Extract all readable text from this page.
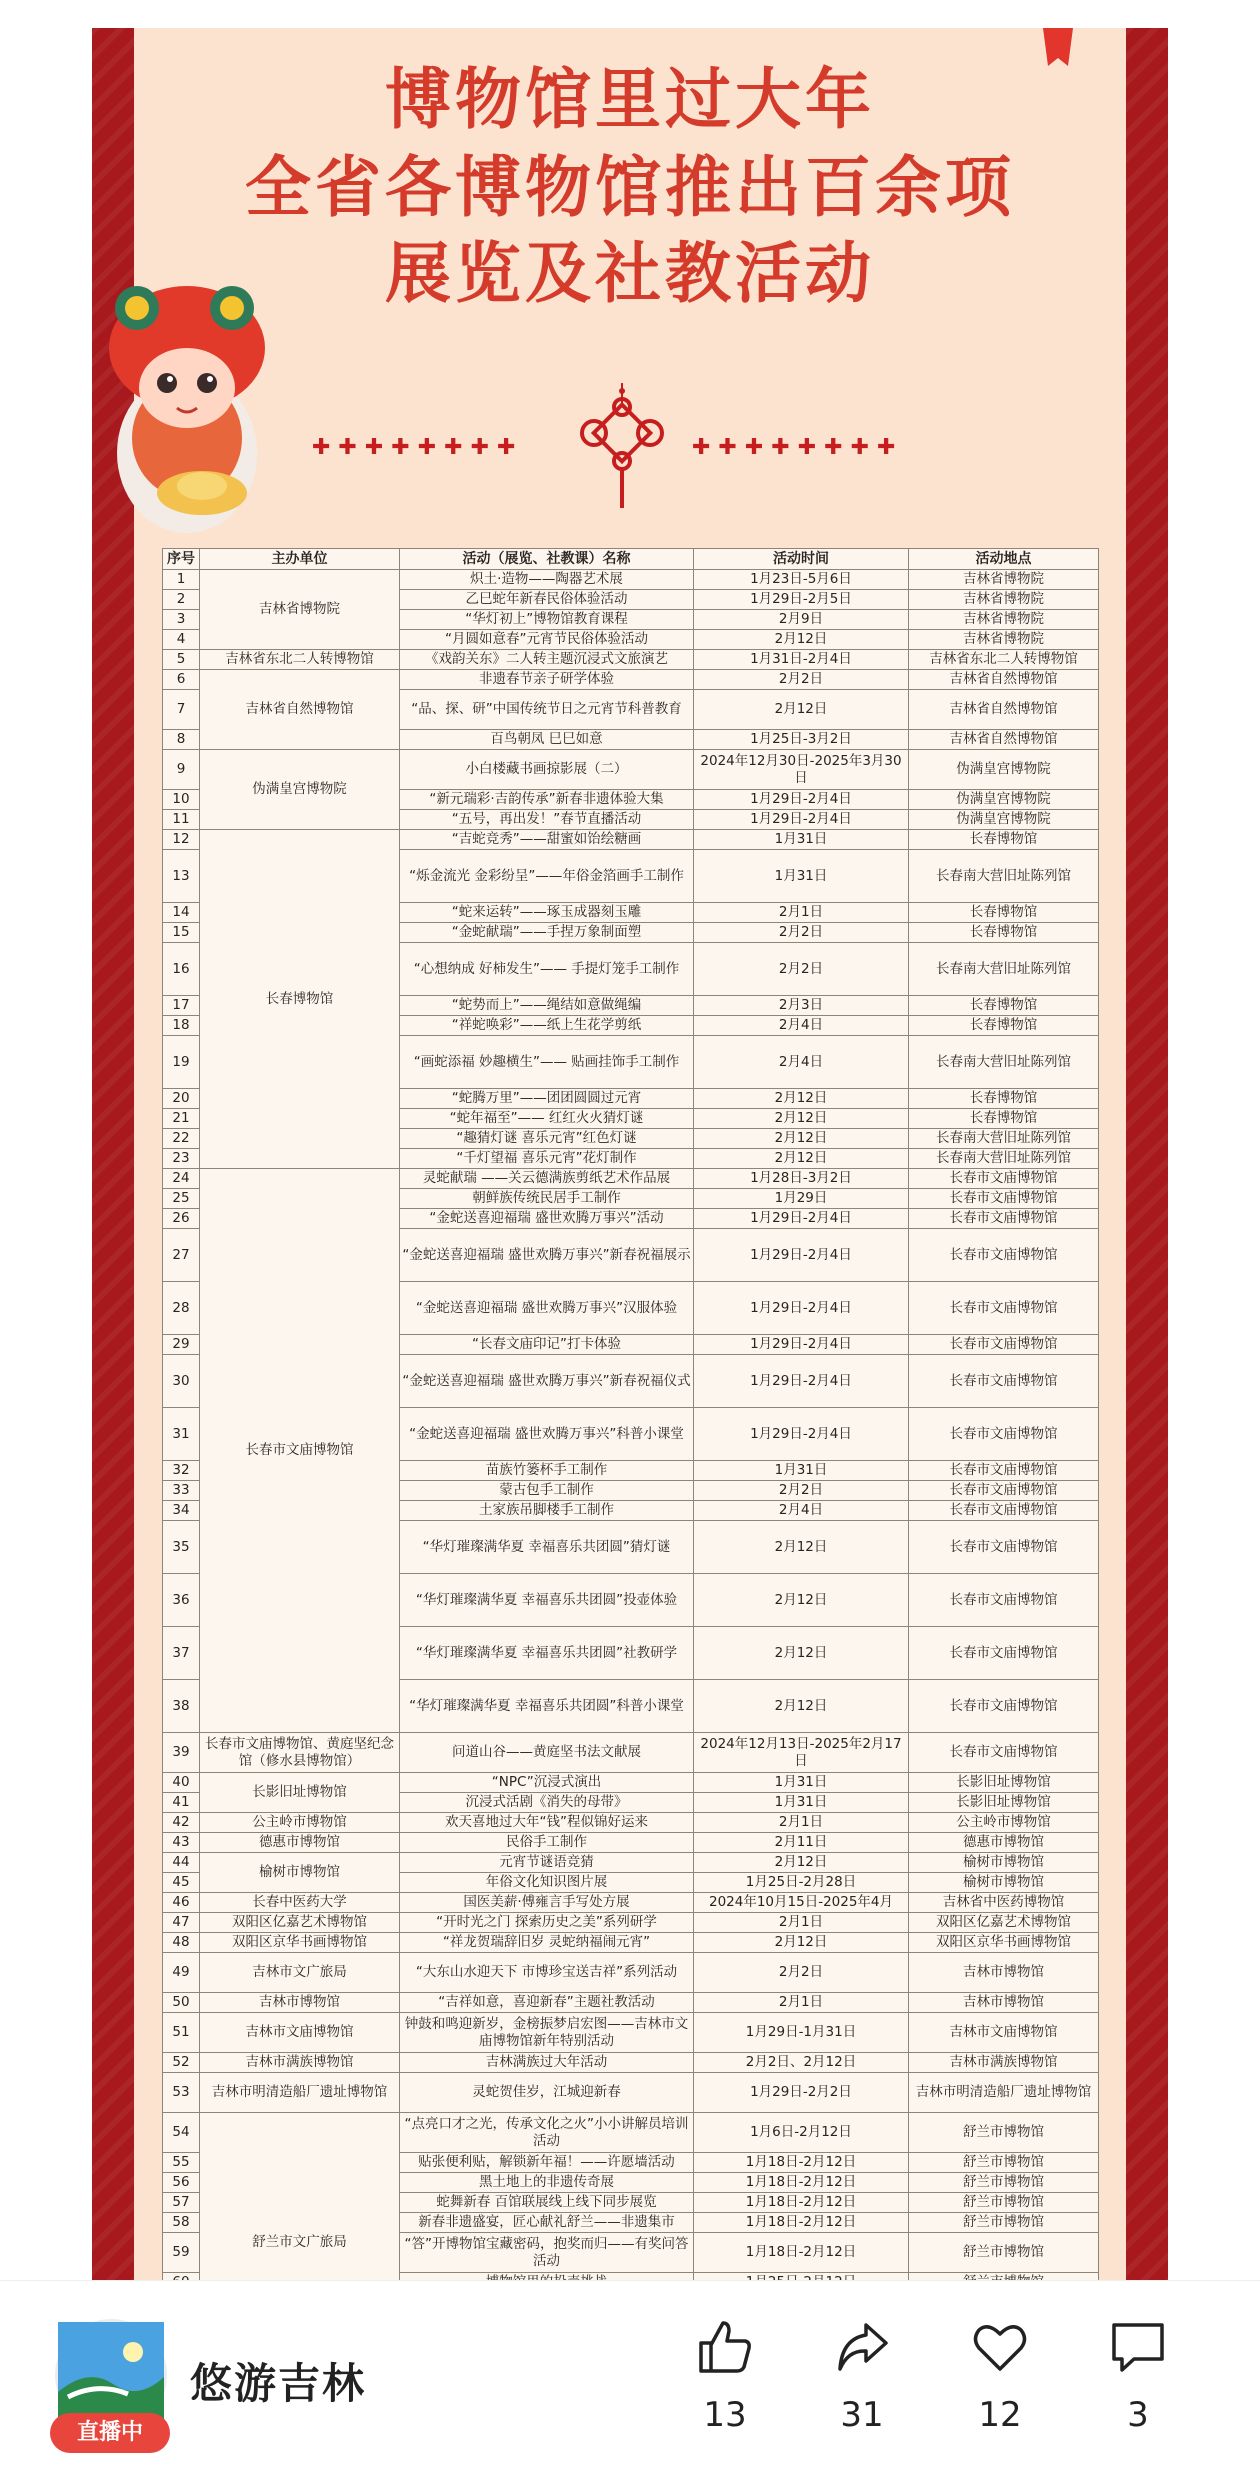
博物馆里过大年
全省各博物馆推出百余项
展览及社教活动
✚✚✚✚✚✚✚✚	✚✚✚✚✚✚✚✚
序号	主办单位	活动（展览、社教课）名称	活动时间	活动地点
1	吉林省博物院	炽土·造物——陶器艺术展	1月23日-5月6日	吉林省博物院
2		乙巳蛇年新春民俗体验活动	1月29日-2月5日	吉林省博物院
3		“华灯初上”博物馆教育课程	2月9日	吉林省博物院
4		“月圆如意春”元宵节民俗体验活动	2月12日	吉林省博物院
5	吉林省东北二人转博物馆	《戏韵关东》二人转主题沉浸式文旅演艺	1月31日-2月4日	吉林省东北二人转博物馆
6	吉林省自然博物馆	非遗春节亲子研学体验	2月2日	吉林省自然博物馆
7		“品、探、研”中国传统节日之元宵节科普教育	2月12日	吉林省自然博物馆
8		百鸟朝凤 巳巳如意	1月25日-3月2日	吉林省自然博物馆
9	伪满皇宫博物院	小白楼藏书画掠影展（二）	2024年12月30日-2025年3月30日	伪满皇宫博物院
10		“新元瑞彩·吉韵传承”新春非遗体验大集	1月29日-2月4日	伪满皇宫博物院
11		“五号，再出发！”春节直播活动	1月29日-2月4日	伪满皇宫博物院
12	长春博物馆	“吉蛇竞秀”——甜蜜如饴绘糖画	1月31日	长春博物馆
13		“烁金流光 金彩纷呈”——年俗金箔画手工制作	1月31日	长春南大营旧址陈列馆
14		“蛇来运转”——琢玉成器刻玉雕	2月1日	长春博物馆
15		“金蛇献瑞”——手捏万象制面塑	2月2日	长春博物馆
16		“心想纳成 好柿发生”—— 手提灯笼手工制作	2月2日	长春南大营旧址陈列馆
17		“蛇势而上”——绳结如意做绳编	2月3日	长春博物馆
18		“祥蛇唤彩”——纸上生花学剪纸	2月4日	长春博物馆
19		“画蛇添福 妙趣横生”—— 贴画挂饰手工制作	2月4日	长春南大营旧址陈列馆
20		“蛇腾万里”——团团圆圆过元宵	2月12日	长春博物馆
21		“蛇年福至”—— 红红火火猜灯谜	2月12日	长春博物馆
22		“趣猜灯谜 喜乐元宵”红色灯谜	2月12日	长春南大营旧址陈列馆
23		“千灯望福 喜乐元宵”花灯制作	2月12日	长春南大营旧址陈列馆
24	长春市文庙博物馆	灵蛇献瑞 ——关云德满族剪纸艺术作品展	1月28日-3月2日	长春市文庙博物馆
25		朝鲜族传统民居手工制作	1月29日	长春市文庙博物馆
26		“金蛇送喜迎福瑞 盛世欢腾万事兴”活动	1月29日-2月4日	长春市文庙博物馆
27		“金蛇送喜迎福瑞 盛世欢腾万事兴”新春祝福展示	1月29日-2月4日	长春市文庙博物馆
28		“金蛇送喜迎福瑞 盛世欢腾万事兴”汉服体验	1月29日-2月4日	长春市文庙博物馆
29		“长春文庙印记”打卡体验	1月29日-2月4日	长春市文庙博物馆
30		“金蛇送喜迎福瑞 盛世欢腾万事兴”新春祝福仪式	1月29日-2月4日	长春市文庙博物馆
31		“金蛇送喜迎福瑞 盛世欢腾万事兴”科普小课堂	1月29日-2月4日	长春市文庙博物馆
32		苗族竹篓杯手工制作	1月31日	长春市文庙博物馆
33		蒙古包手工制作	2月2日	长春市文庙博物馆
34		土家族吊脚楼手工制作	2月4日	长春市文庙博物馆
35		“华灯璀璨满华夏 幸福喜乐共团圆”猜灯谜	2月12日	长春市文庙博物馆
36		“华灯璀璨满华夏 幸福喜乐共团圆”投壶体验	2月12日	长春市文庙博物馆
37		“华灯璀璨满华夏 幸福喜乐共团圆”社教研学	2月12日	长春市文庙博物馆
38		“华灯璀璨满华夏 幸福喜乐共团圆”科普小课堂	2月12日	长春市文庙博物馆
39	长春市文庙博物馆、黄庭坚纪念馆（修水县博物馆）	问道山谷——黄庭坚书法文献展	2024年12月13日-2025年2月17日	长春市文庙博物馆
40	长影旧址博物馆	“NPC”沉浸式演出	1月31日	长影旧址博物馆
41		沉浸式活剧《消失的母带》	1月31日	长影旧址博物馆
42	公主岭市博物馆	欢天喜地过大年“钱”程似锦好运来	2月1日	公主岭市博物馆
43	德惠市博物馆	民俗手工制作	2月11日	德惠市博物馆
44	榆树市博物馆	元宵节谜语竞猜	2月12日	榆树市博物馆
45		年俗文化知识图片展	1月25日-2月28日	榆树市博物馆
46	长春中医药大学	国医美薪·傅雍言手写处方展	2024年10月15日-2025年4月	吉林省中医药博物馆
47	双阳区亿嘉艺术博物馆	“开时光之门 探索历史之美”系列研学	2月1日	双阳区亿嘉艺术博物馆
48	双阳区京华书画博物馆	“祥龙贺瑞辞旧岁 灵蛇纳福闹元宵”	2月12日	双阳区京华书画博物馆
49	吉林市文广旅局	“大东山水迎天下 市博珍宝送吉祥”系列活动	2月2日	吉林市博物馆
50	吉林市博物馆	“吉祥如意，喜迎新春”主题社教活动	2月1日	吉林市博物馆
51	吉林市文庙博物馆	钟鼓和鸣迎新岁，金榜振梦启宏图——吉林市文庙博物馆新年特别活动	1月29日-1月31日	吉林市文庙博物馆
52	吉林市满族博物馆	吉林满族过大年活动	2月2日、2月12日	吉林市满族博物馆
53	吉林市明清造船厂遗址博物馆	灵蛇贺佳岁，江城迎新春	1月29日-2月2日	吉林市明清造船厂遗址博物馆
54	舒兰市文广旅局	“点亮口才之光，传承文化之火”小小讲解员培训活动	1月6日-2月12日	舒兰市博物馆
55		贴张便利贴，解锁新年福！——许愿墙活动	1月18日-2月12日	舒兰市博物馆
56		黑土地上的非遗传奇展	1月18日-2月12日	舒兰市博物馆
57		蛇舞新春 百馆联展线上线下同步展览	1月18日-2月12日	舒兰市博物馆
58		新春非遗盛宴，匠心献礼舒兰——非遗集市	1月18日-2月12日	舒兰市博物馆
59		“答”开博物馆宝藏密码，抱奖而归——有奖问答活动	1月18日-2月12日	舒兰市博物馆

直播中
悠游吉林
13	31	12	3
